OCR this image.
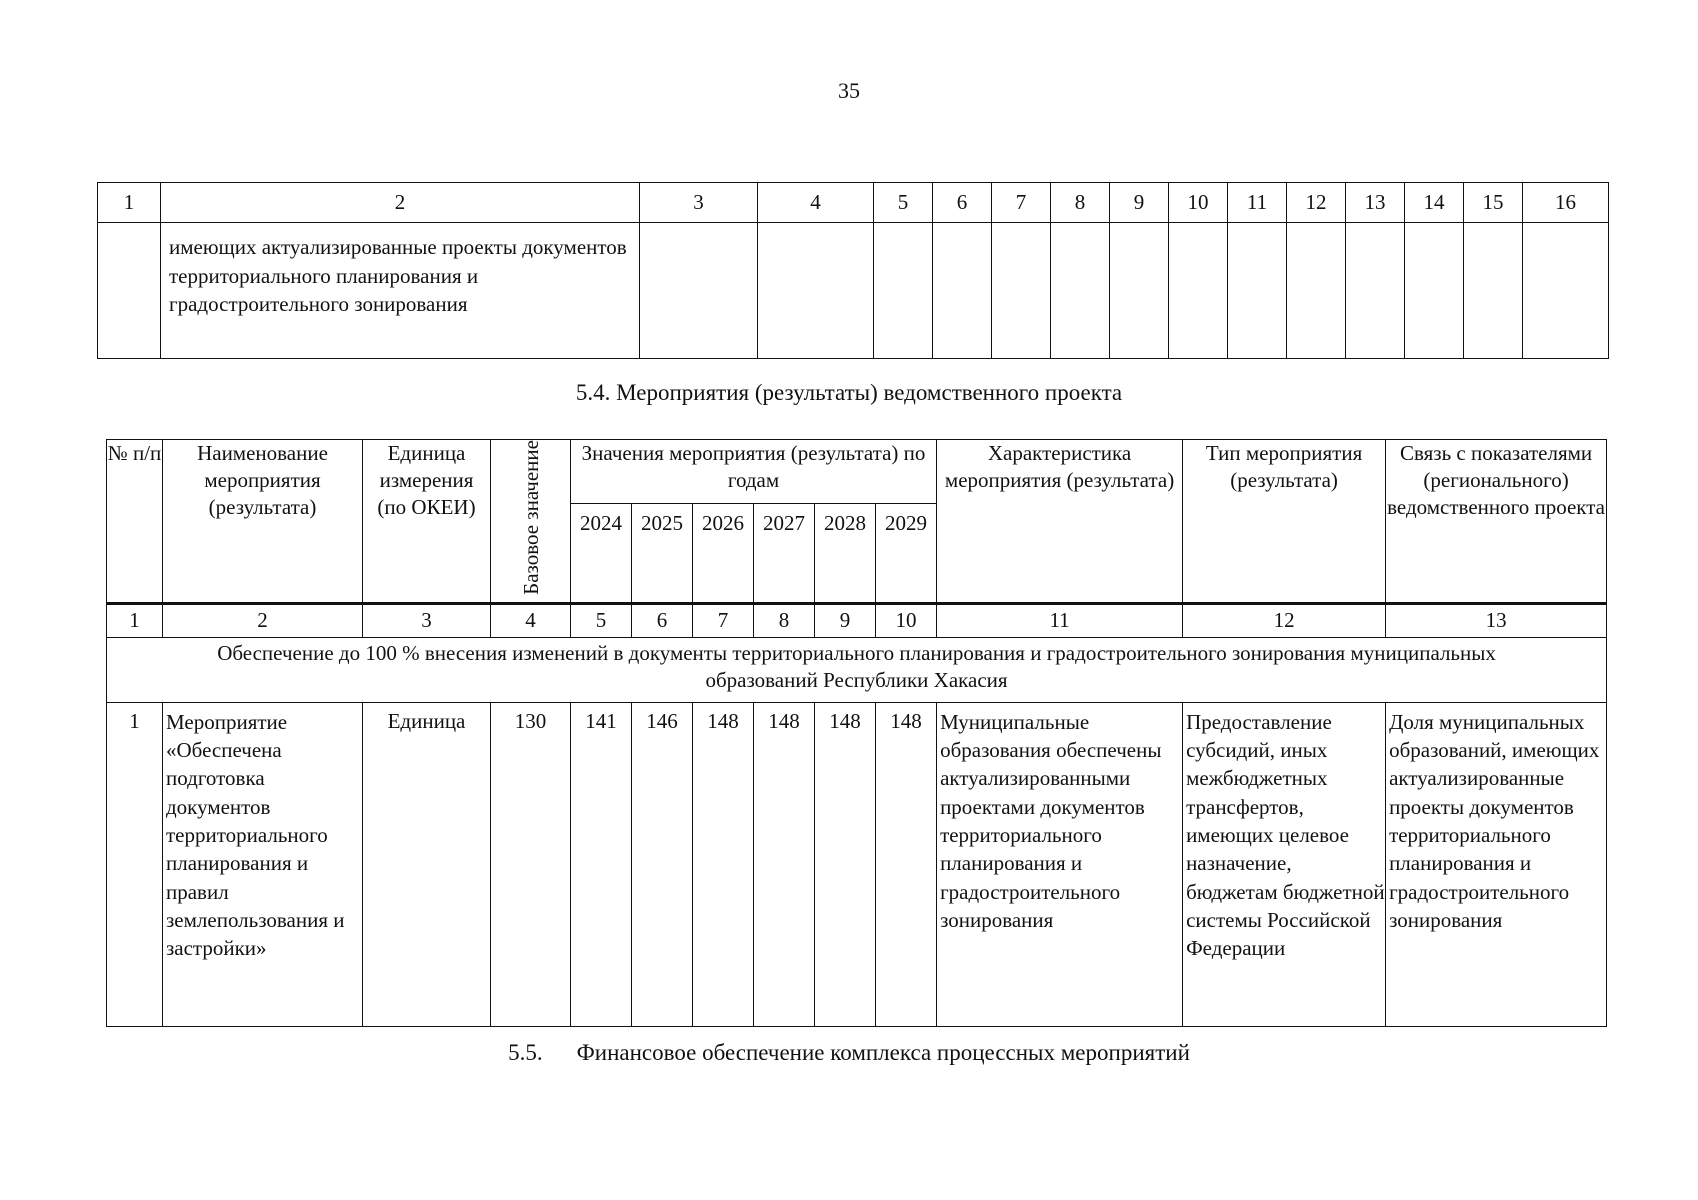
35
1	2	3	4	5	6	7	8	9	10	11	12	13	14	15	16
	имеющих актуализированные проекты документов территориального планирования и градостроительного зонирования														
5.4. Мероприятия (результаты) ведомственного проекта
№ п/п	Наименование мероприятия (результата)	Единица измерения (по ОКЕИ)	Базовое значение	Значения мероприятия (результата) по годам						Характеристика мероприятия (результата)	Тип мероприятия (результата)	Связь с показателями (регионального) ведомственного проекта
				2024	2025	2026	2027	2028	2029			
1	2	3	4	5	6	7	8	9	10	11	12	13
Обеспечение до 100 % внесения изменений в документы территориального планирования и градостроительного зонирования муниципальных образований Республики Хакасия												
1	Мероприятие «Обеспечена подготовка документов территориального планирования и правил землепользования и застройки»	Единица	130	141	146	148	148	148	148	Муниципальные образования обеспечены актуализированными проектами документов территориального планирования и градостроительного зонирования	Предоставление субсидий, иных межбюджетных трансфертов, имеющих целевое назначение, бюджетам бюджетной системы Российской Федерации	Доля муниципальных образований, имеющих актуализированные проекты документов территориального планирования и градостроительного зонирования
5.5. Финансовое обеспечение комплекса процессных мероприятий
